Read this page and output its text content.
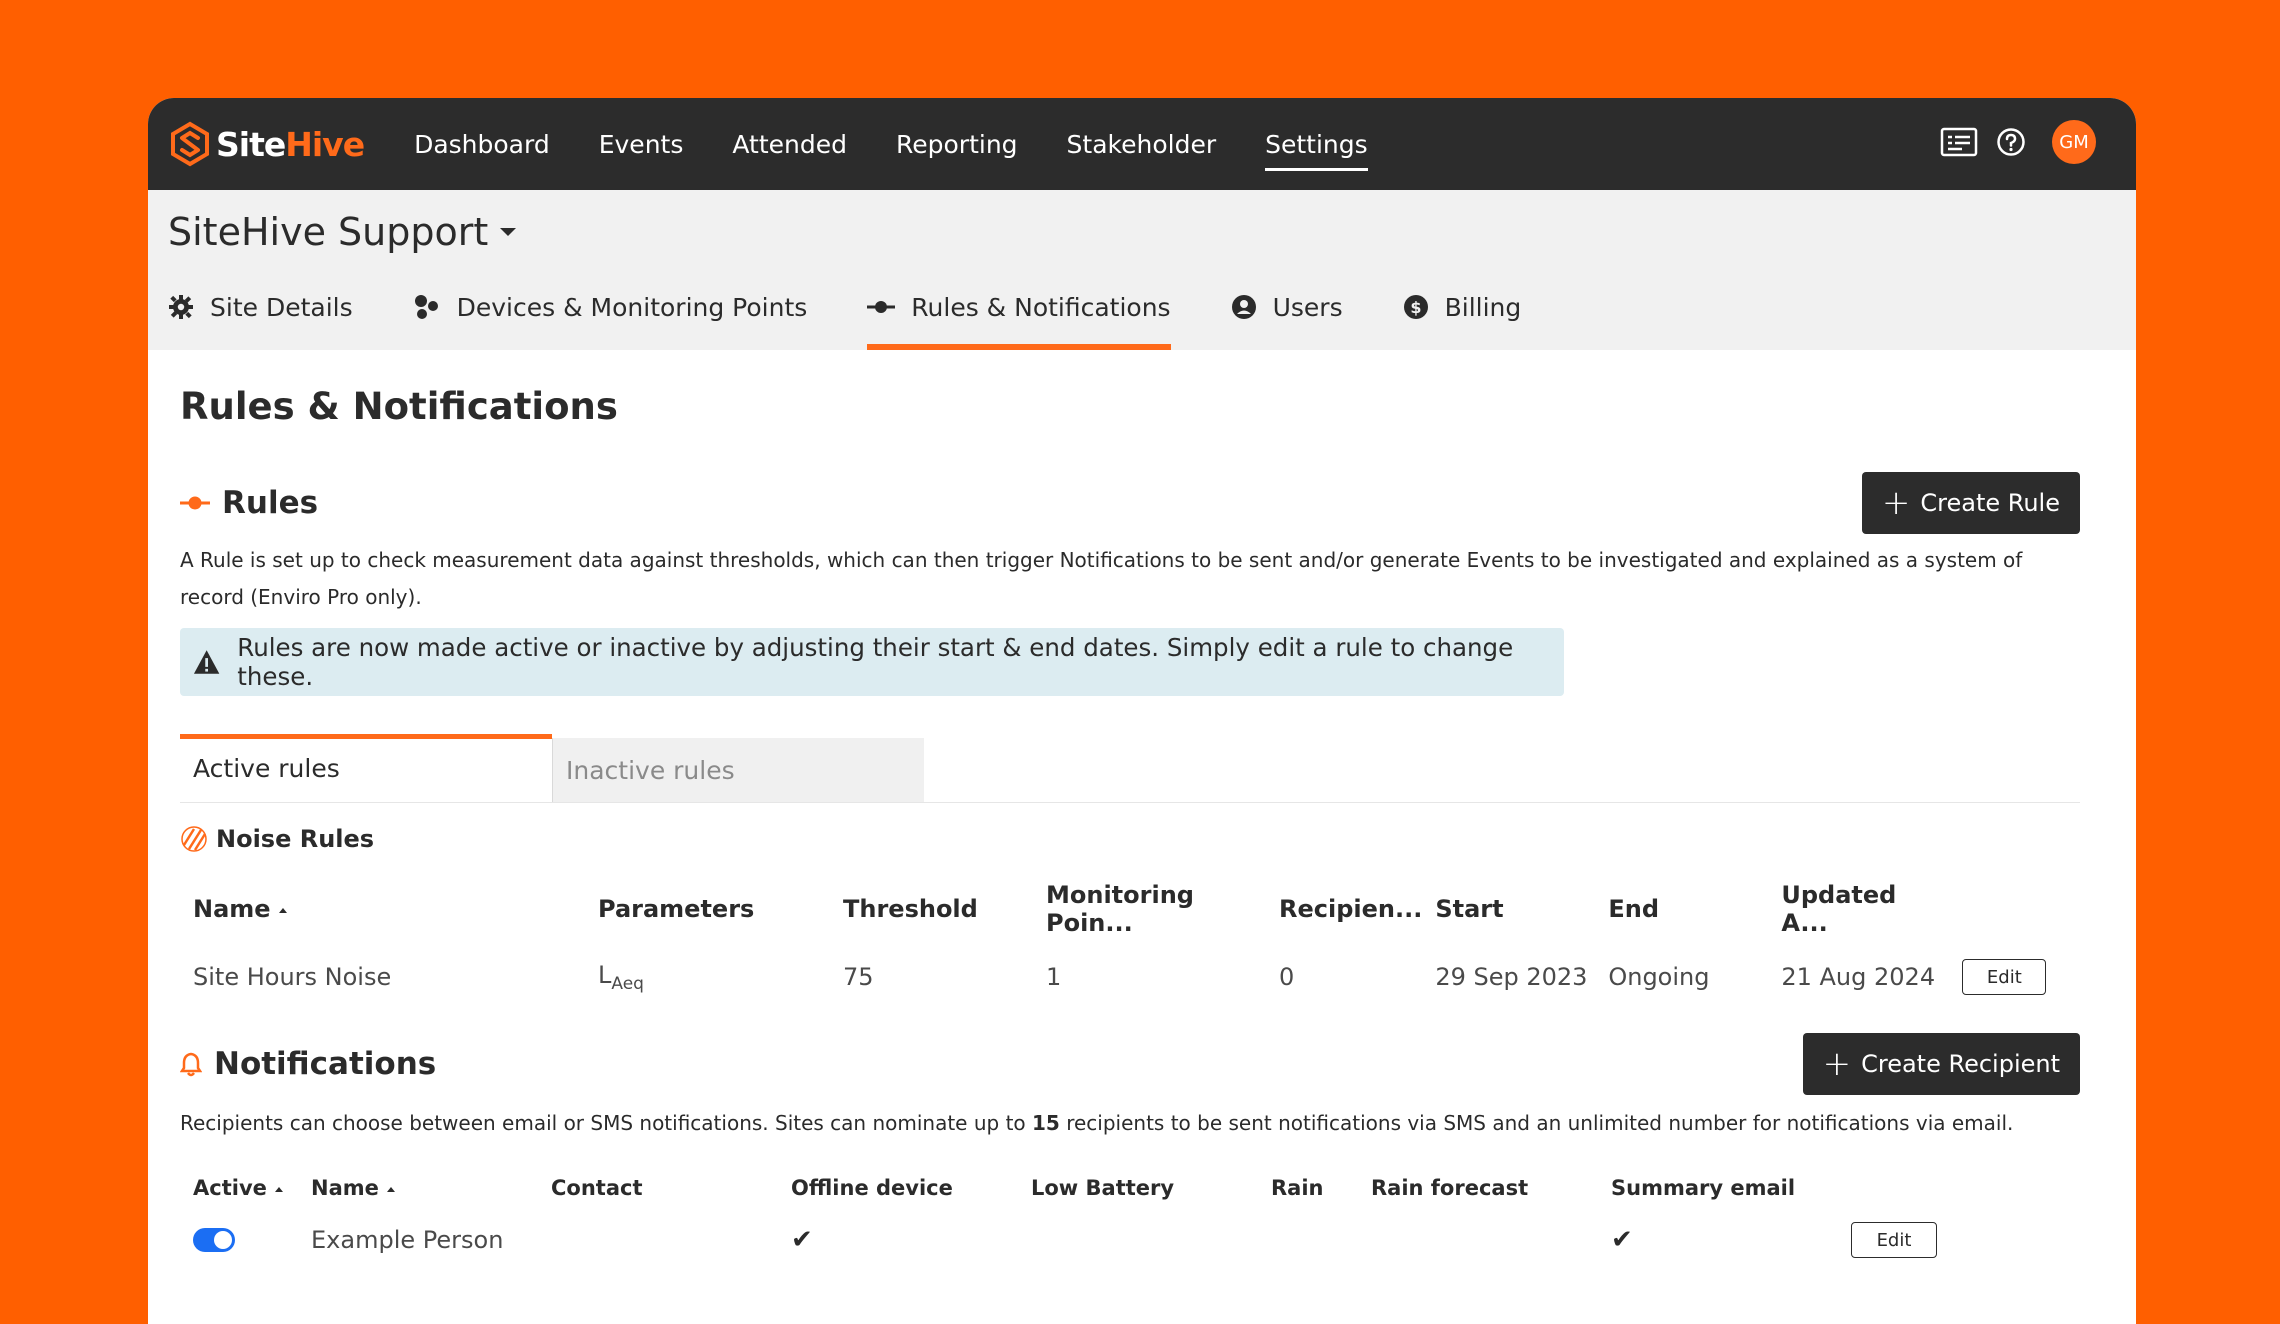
SiteHive Dashboard Events Attended Reporting Stakeholder Settings	GM
SiteHive Support
Site Details	Devices & Monitoring Points	Rules & Notifications	Users	$ Billing
Rules & Notifications
Rules	+ Create Rule
A Rule is set up to check measurement data against thresholds, which can then trigger Notifications to be sent and/or generate Events to be investigated and explained as a system of record (Enviro Pro only).
Rules are now made active or inactive by adjusting their start & end dates. Simply edit a rule to change these.
Active rules	Inactive rules
Noise Rules
Name	Parameters	Threshold	Monitoring Poin...	Recipien...	Start	End	Updated A...	
Site Hours Noise	$L_{Aeq}$	75	1	0	29 Sep 2023	Ongoing	21 Aug 2024	Edit
Notifications	+ Create Recipient
Recipients can choose between email or SMS notifications. Sites can nominate up to 15 recipients to be sent notifications via SMS and an unlimited number for notifications via email.
Active	Name	Contact	Offline device	Low Battery	Rain	Rain forecast	Summary email	

	Example Person		✔				✔	Edit
